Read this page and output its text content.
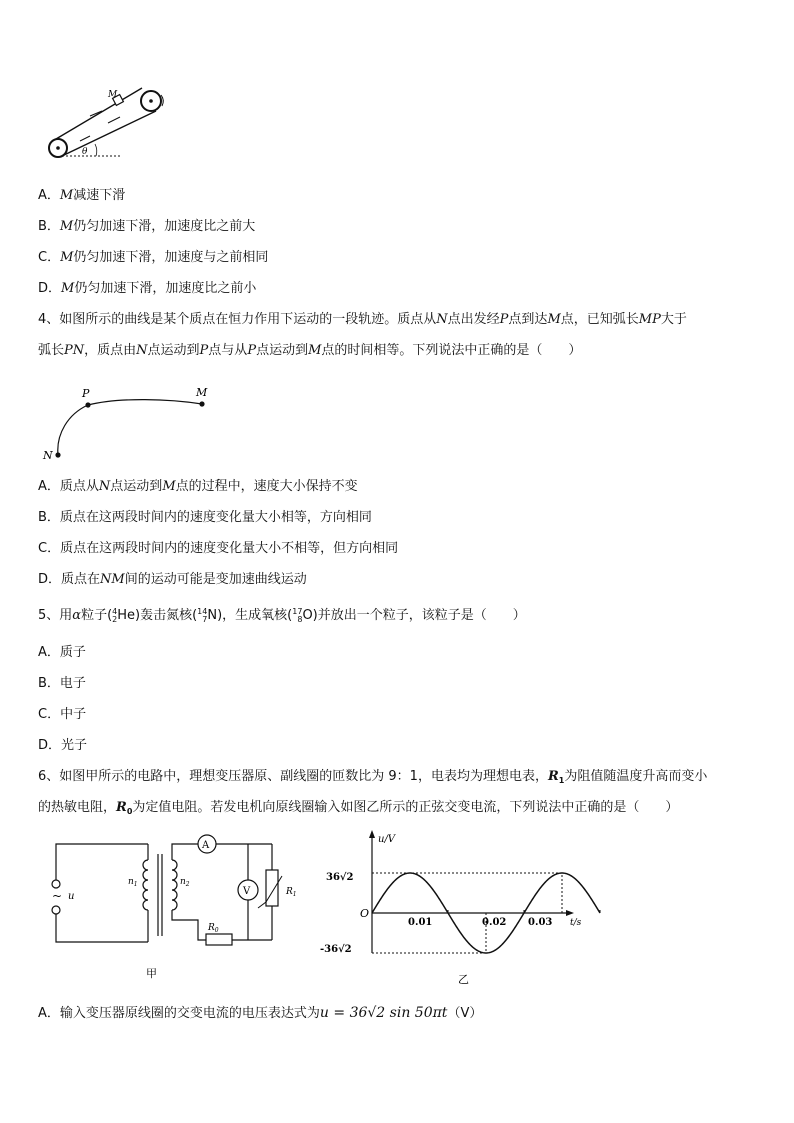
M
θ
A．M减速下滑
B．M仍匀加速下滑，加速度比之前大
C．M仍匀加速下滑，加速度与之前相同
D．M仍匀加速下滑，加速度比之前小
4、如图所示的曲线是某个质点在恒力作用下运动的一段轨迹。质点从N点出发经P点到达M点，已知弧长MP大于
弧长PN，质点由N点运动到P点与从P点运动到M点的时间相等。下列说法中正确的是（　　）
P	M
N
A．质点从N点运动到M点的过程中，速度大小保持不变
B．质点在这两段时间内的速度变化量大小相等，方向相同
C．质点在这两段时间内的速度变化量大小不相等，但方向相同
D．质点在NM间的运动可能是变加速曲线运动
5、用α粒子( 4
2 He)轰击氮核( 14
7 N)，生成氧核( 17
8 O)并放出一个粒子，该粒子是（　　）
A．质子
B．电子
C．中子
D．光子
6、如图甲所示的电路中，理想变压器原、副线圈的匝数比为 9：1，电表均为理想电表，$R_1$为阻值随温度升高而变小
的热敏电阻，$R_0$为定值电阻。若发电机向原线圈输入如图乙所示的正弦交变电流，下列说法中正确的是（　　）
~ u
$n_1$	$n_2$
A
$R_0$
V	$R_1$
甲
u/V
t/s
O
36√2
-36√2
0.01	0.02 0.03
乙
A．输入变压器原线圈的交变电流的电压表达式为u = 36√2 sin 50πt（V）
